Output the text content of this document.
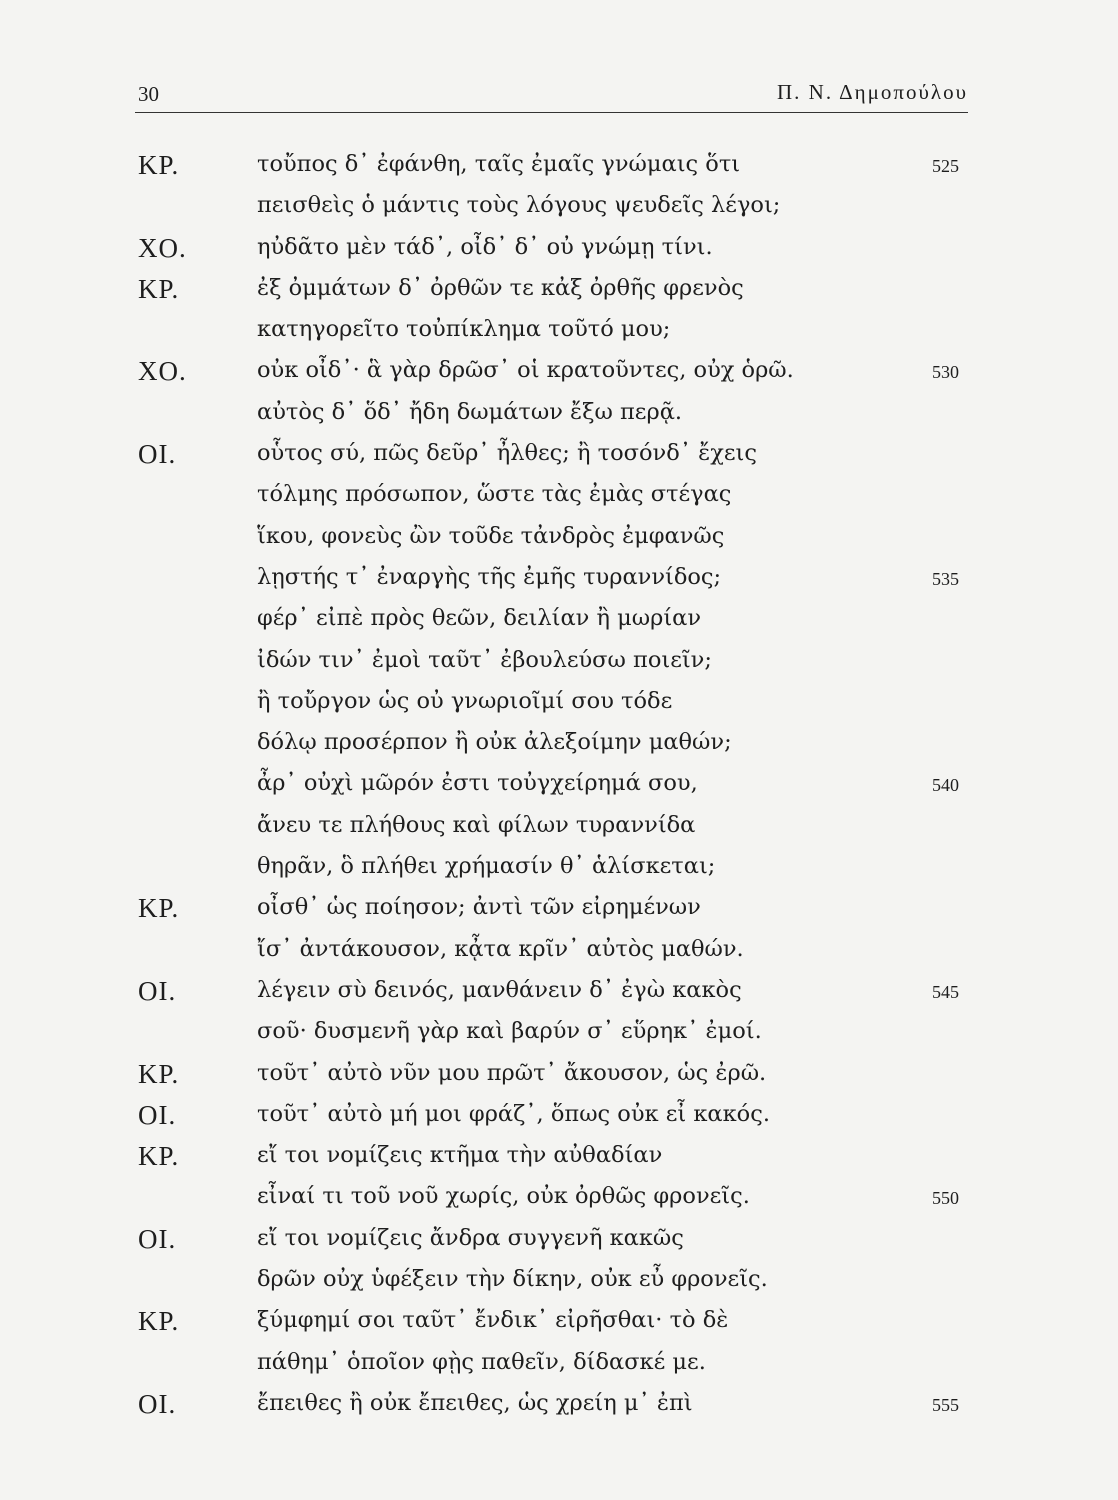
30	Π. Ν. Δημοπούλου
ΚΡ.	τοὔπος δ᾽ ἐφάνθη, ταῖς ἐμαῖς γνώμαις ὅτι	525
πεισθεὶς ὁ μάντις τοὺς λόγους ψευδεῖς λέγοι;
ΧΟ.	ηὐδᾶτο μὲν τάδ᾽, οἶδ᾽ δ᾽ οὐ γνώμῃ τίνι.
ΚΡ.	ἐξ ὀμμάτων δ᾽ ὀρθῶν τε κἀξ ὀρθῆς φρενὸς
κατηγορεῖτο τοὐπίκλημα τοῦτό μου;
ΧΟ.	οὐκ οἶδ᾽· ἃ γὰρ δρῶσ᾽ οἱ κρατοῦντες, οὐχ ὁρῶ.	530
αὐτὸς δ᾽ ὅδ᾽ ἤδη δωμάτων ἔξω περᾷ.
ΟΙ.	οὗτος σύ, πῶς δεῦρ᾽ ἦλθες; ἢ τοσόνδ᾽ ἔχεις
τόλμης πρόσωπον, ὥστε τὰς ἐμὰς στέγας
ἵκου, φονεὺς ὢν τοῦδε τἀνδρὸς ἐμφανῶς
λῃστής τ᾽ ἐναργὴς τῆς ἐμῆς τυραννίδος;	535
φέρ᾽ εἰπὲ πρὸς θεῶν, δειλίαν ἢ μωρίαν
ἰδών τιν᾽ ἐμοὶ ταῦτ᾽ ἐβουλεύσω ποιεῖν;
ἢ τοὔργον ὡς οὐ γνωριοῖμί σου τόδε
δόλῳ προσέρπον ἢ οὐκ ἀλεξοίμην μαθών;
ἆρ᾽ οὐχὶ μῶρόν ἐστι τοὐγχείρημά σου,	540
ἄνευ τε πλήθους καὶ φίλων τυραννίδα
θηρᾶν, ὃ πλήθει χρήμασίν θ᾽ ἁλίσκεται;
ΚΡ.	οἶσθ᾽ ὡς ποίησον; ἀντὶ τῶν εἰρημένων
ἴσ᾽ ἀντάκουσον, κᾆτα κρῖν᾽ αὐτὸς μαθών.
ΟΙ.	λέγειν σὺ δεινός, μανθάνειν δ᾽ ἐγὼ κακὸς	545
σοῦ· δυσμενῆ γὰρ καὶ βαρύν σ᾽ εὕρηκ᾽ ἐμοί.
ΚΡ.	τοῦτ᾽ αὐτὸ νῦν μου πρῶτ᾽ ἄκουσον, ὡς ἐρῶ.
ΟΙ.	τοῦτ᾽ αὐτὸ μή μοι φράζ᾽, ὅπως οὐκ εἶ κακός.
ΚΡ.	εἴ τοι νομίζεις κτῆμα τὴν αὐθαδίαν
εἶναί τι τοῦ νοῦ χωρίς, οὐκ ὀρθῶς φρονεῖς.	550
ΟΙ.	εἴ τοι νομίζεις ἄνδρα συγγενῆ κακῶς
δρῶν οὐχ ὑφέξειν τὴν δίκην, οὐκ εὖ φρονεῖς.
ΚΡ.	ξύμφημί σοι ταῦτ᾽ ἔνδικ᾽ εἰρῆσθαι· τὸ δὲ
πάθημ᾽ ὁποῖον φῂς παθεῖν, δίδασκέ με.
ΟΙ.	ἔπειθες ἢ οὐκ ἔπειθες, ὡς χρείη μ᾽ ἐπὶ	555
